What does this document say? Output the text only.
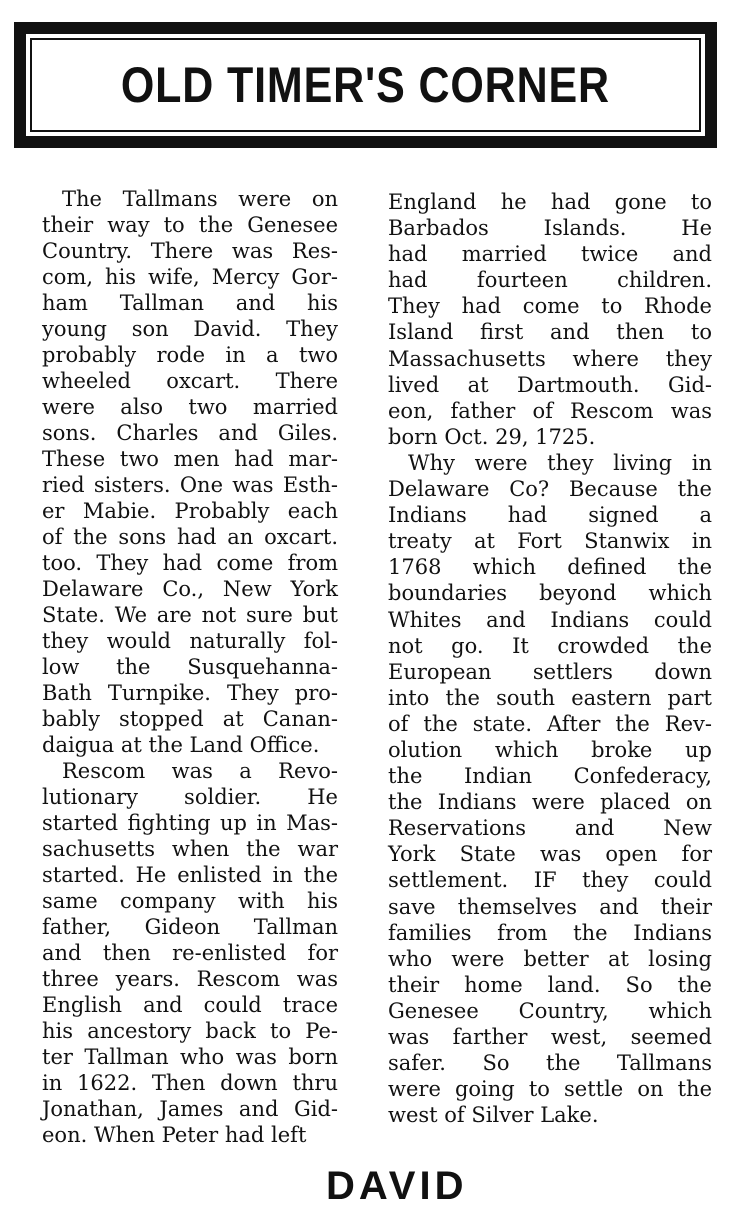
OLD TIMER'S CORNER
The Tallmans were on
their way to the Genesee
Country. There was Res-
com, his wife, Mercy Gor-
ham Tallman and his
young son David. They
probably rode in a two
wheeled oxcart. There
were also two married
sons. Charles and Giles.
These two men had mar-
ried sisters. One was Esth-
er Mabie. Probably each
of the sons had an oxcart.
too. They had come from
Delaware Co., New York
State. We are not sure but
they would naturally fol-
low the Susquehanna-
Bath Turnpike. They pro-
bably stopped at Canan-
daigua at the Land Office.
Rescom was a Revo-
lutionary soldier. He
started fighting up in Mas-
sachusetts when the war
started. He enlisted in the
same company with his
father, Gideon Tallman
and then re-enlisted for
three years. Rescom was
English and could trace
his ancestory back to Pe-
ter Tallman who was born
in 1622. Then down thru
Jonathan, James and Gid-
eon. When Peter had left
England he had gone to
Barbados Islands. He
had married twice and
had fourteen children.
They had come to Rhode
Island first and then to
Massachusetts where they
lived at Dartmouth. Gid-
eon, father of Rescom was
born Oct. 29, 1725.
Why were they living in
Delaware Co? Because the
Indians had signed a
treaty at Fort Stanwix in
1768 which defined the
boundaries beyond which
Whites and Indians could
not go. It crowded the
European settlers down
into the south eastern part
of the state. After the Rev-
olution which broke up
the Indian Confederacy,
the Indians were placed on
Reservations and New
York State was open for
settlement. IF they could
save themselves and their
families from the Indians
who were better at losing
their home land. So the
Genesee Country, which
was farther west, seemed
safer. So the Tallmans
were going to settle on the
west of Silver Lake.
DAVID
